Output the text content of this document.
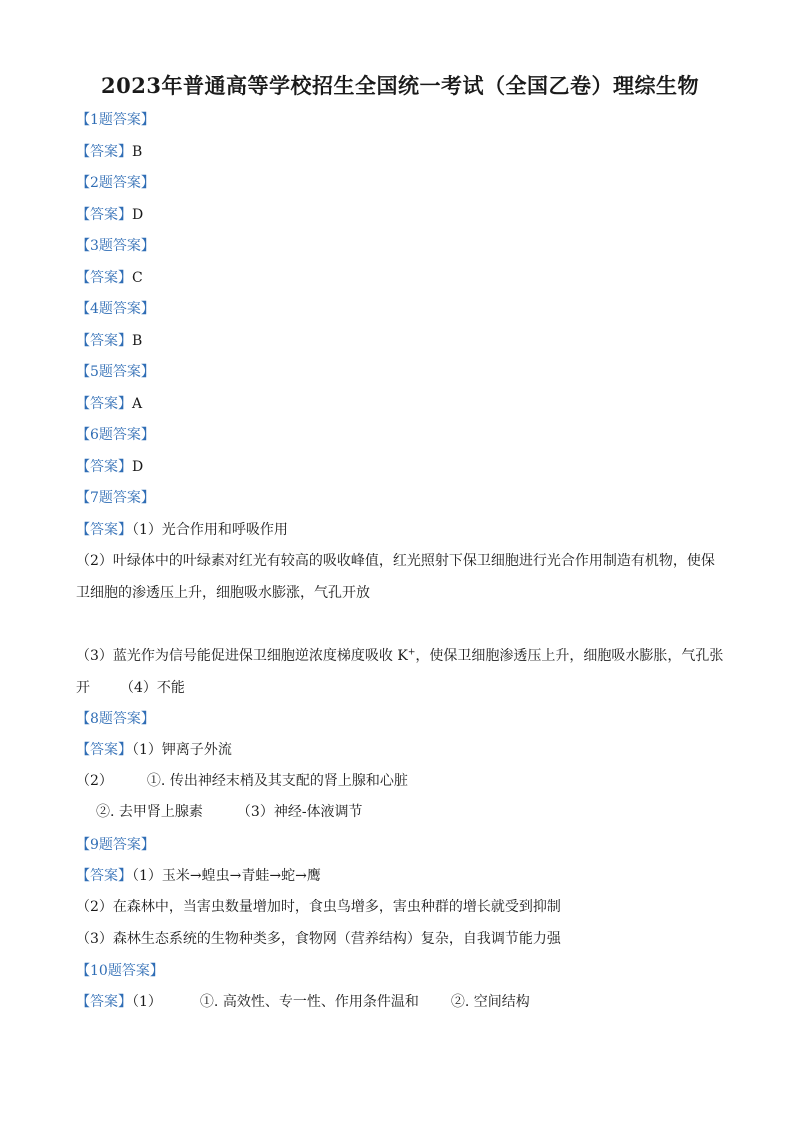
2023年普通高等学校招生全国统一考试（全国乙卷）理综生物
【1题答案】
【答案】B
【2题答案】
【答案】D
【3题答案】
【答案】C
【4题答案】
【答案】B
【5题答案】
【答案】A
【6题答案】
【答案】D
【7题答案】
【答案】（1）光合作用和呼吸作用
（2）叶绿体中的叶绿素对红光有较高的吸收峰值，红光照射下保卫细胞进行光合作用制造有机物，使保卫细胞的渗透压上升，细胞吸水膨涨，气孔开放
（3）蓝光作为信号能促进保卫细胞逆浓度梯度吸收 K+，使保卫细胞渗透压上升，细胞吸水膨胀，气孔张
开 （4）不能
【8题答案】
【答案】（1）钾离子外流
（2） ①. 传出神经末梢及其支配的肾上腺和心脏
②. 去甲肾上腺素 （3）神经-体液调节
【9题答案】
【答案】（1）玉米→蝗虫→青蛙→蛇→鹰
（2）在森林中，当害虫数量增加时，食虫鸟增多，害虫种群的增长就受到抑制
（3）森林生态系统的生物种类多，食物网（营养结构）复杂，自我调节能力强
【10题答案】
【答案】（1）	①. 高效性、专一性、作用条件温和 ②. 空间结构
